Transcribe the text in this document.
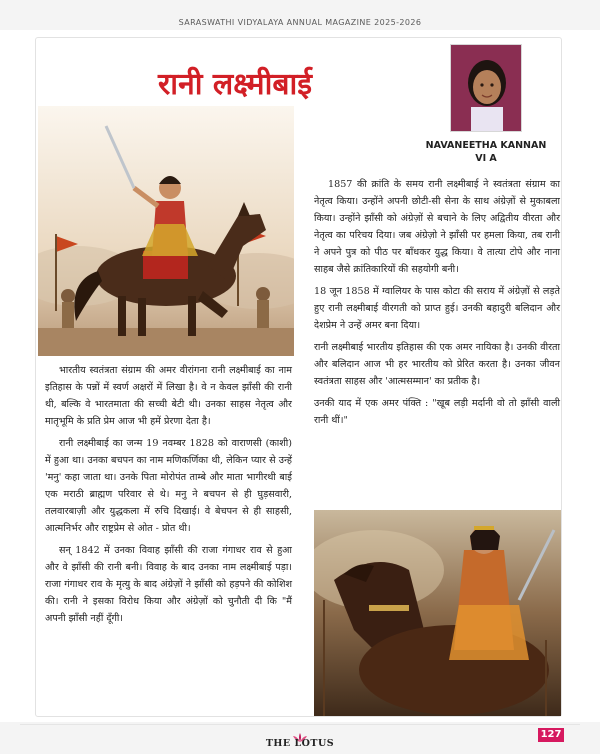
SARASWATHI VIDYALAYA ANNUAL MAGAZINE 2025-2026
रानी लक्ष्मीबाई
NAVANEETHA KANNAN
VI A

भारतीय स्वतंत्रता संग्राम की अमर वीरांगना रानी लक्ष्मीबाई का नाम इतिहास के पन्नों में स्वर्ण अक्षरों में लिखा है। वे न केवल झाँसी की रानी थी, बल्कि वे भारतमाता की सच्ची बेटी थी। उनका साहस नेतृत्व और मातृभूमि के प्रति प्रेम आज भी हमें प्रेरणा देता है।

रानी लक्ष्मीबाई का जन्म 19 नवम्बर 1828 को वाराणसी (काशी) में हुआ था। उनका बचपन का नाम मणिकर्णिका थी, लेकिन प्यार से उन्हें 'मनु' कहा जाता था। उनके पिता मोरोपंत ताम्बे और माता भागीरथी बाई एक मराठी ब्राह्मण परिवार से थे। मनु ने बचपन से ही घुड़सवारी, तलवारबाज़ी और युद्धकला में रुचि दिखाई। वे बेचपन से ही साहसी, आत्मनिर्भर और राष्ट्रप्रेम से ओत - प्रोत थी।

सन् 1842 में उनका विवाह झाँसी की राजा गंगाधर राव से हुआ और वे झाँसी की रानी बनी। विवाह के बाद उनका नाम लक्ष्मीबाई पड़ा। राजा गंगाधर राव के मृत्यु के बाद अंग्रेज़ों ने झाँसी को हड़पने की कोशिश की। रानी ने इसका विरोध किया और अंग्रेज़ों को चुनौती दी कि "मैं अपनी झाँसी नहीं दूँगी।

1857 की क्रांति के समय रानी लक्ष्मीबाई ने स्वतंत्रता संग्राम का नेतृत्व किया। उन्होंने अपनी छोटी-सी सेना के साथ अंग्रेज़ों से मुकाबला किया। उन्होंने झाँसी को अंग्रेज़ों से बचाने के लिए अद्वितीय वीरता और नेतृत्व का परिचय दिया। जब अंग्रेज़ो ने झाँसी पर हमला किया, तब रानी ने अपने पुत्र को पीठ पर बाँधकर युद्ध किया। वे तात्या टोपे और नाना साहब जैसे क्रांतिकारियों की सहयोगी बनी।

18 जून 1858 में ग्वालियर के पास कोटा की सराय में अंग्रेज़ों से लड़ते हुए रानी लक्ष्मीबाई वीरगती को प्राप्त हुई। उनकी बहादुरी बलिदान और देशप्रेम ने उन्हें अमर बना दिया।

रानी लक्ष्मीबाई भारतीय इतिहास की एक अमर नायिका है। उनकी वीरता और बलिदान आज भी हर भारतीय को प्रेरित करता है। उनका जीवन स्वतंत्रता साहस और 'आत्मसम्मान' का प्रतीक है।

उनकी याद में एक अमर पंक्ति : "खूब लड़ी मर्दानी वो तो झाँसी वाली रानी थीं।"

THE LOTUS
127
